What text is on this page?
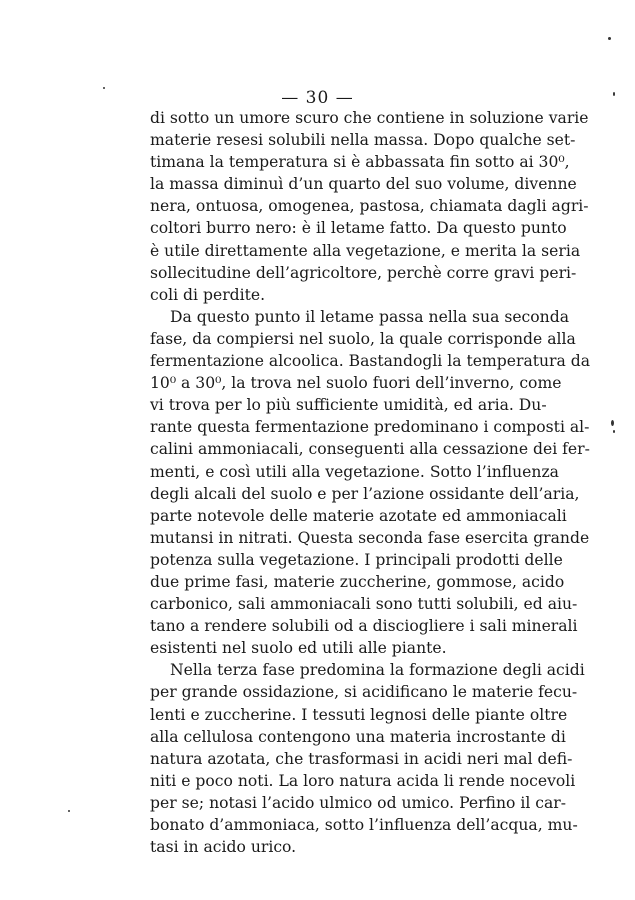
— 30 —
di sotto un umore scuro che contiene in soluzione varie
materie resesi solubili nella massa. Dopo qualche set-
timana la temperatura si è abbassata fin sotto ai 30⁰,
la massa diminuì d’un quarto del suo volume, divenne
nera, ontuosa, omogenea, pastosa, chiamata dagli agri-
coltori burro nero: è il letame fatto. Da questo punto
è utile direttamente alla vegetazione, e merita la seria
sollecitudine dell’agricoltore, perchè corre gravi peri-
coli di perdite.
Da questo punto il letame passa nella sua seconda
fase, da compiersi nel suolo, la quale corrisponde alla
fermentazione alcoolica. Bastandogli la temperatura da
10⁰ a 30⁰, la trova nel suolo fuori dell’inverno, come
vi trova per lo più sufficiente umidità, ed aria. Du-
rante questa fermentazione predominano i composti al-
calini ammoniacali, conseguenti alla cessazione dei fer-
menti, e così utili alla vegetazione. Sotto l’influenza
degli alcali del suolo e per l’azione ossidante dell’aria,
parte notevole delle materie azotate ed ammoniacali
mutansi in nitrati. Questa seconda fase esercita grande
potenza sulla vegetazione. I principali prodotti delle
due prime fasi, materie zuccherine, gommose, acido
carbonico, sali ammoniacali sono tutti solubili, ed aiu-
tano a rendere solubili od a disciogliere i sali minerali
esistenti nel suolo ed utili alle piante.
Nella terza fase predomina la formazione degli acidi
per grande ossidazione, si acidificano le materie fecu-
lenti e zuccherine. I tessuti legnosi delle piante oltre
alla cellulosa contengono una materia incrostante di
natura azotata, che trasformasi in acidi neri mal defi-
niti e poco noti. La loro natura acida li rende nocevoli
per se; notasi l’acido ulmico od umico. Perfino il car-
bonato d’ammoniaca, sotto l’influenza dell’acqua, mu-
tasi in acido urico.
